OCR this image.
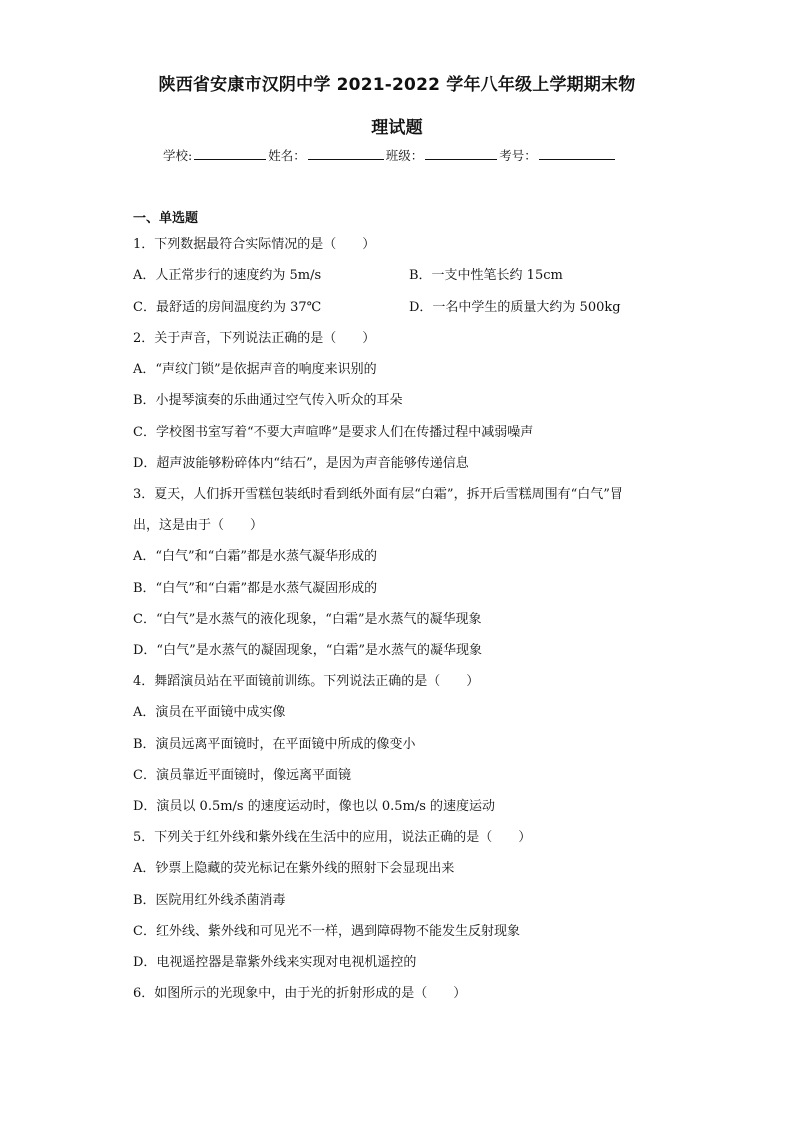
陕西省安康市汉阴中学 2021-2022 学年八年级上学期期末物
理试题
学校:	姓名：	班级：	考号：
一、单选题
1．下列数据最符合实际情况的是（　　）
A．人正常步行的速度约为 5m/s	B．一支中性笔长约 15cm
C．最舒适的房间温度约为 37℃	D．一名中学生的质量大约为 500kg
2．关于声音，下列说法正确的是（　　）
A．“声纹门锁”是依据声音的响度来识别的
B．小提琴演奏的乐曲通过空气传入听众的耳朵
C．学校图书室写着“不要大声喧哗”是要求人们在传播过程中减弱噪声
D．超声波能够粉碎体内“结石”，是因为声音能够传递信息
3．夏天，人们拆开雪糕包装纸时看到纸外面有层“白霜”，拆开后雪糕周围有“白气”冒
出，这是由于（　　）
A．“白气”和“白霜”都是水蒸气凝华形成的
B．“白气”和“白霜”都是水蒸气凝固形成的
C．“白气”是水蒸气的液化现象，“白霜”是水蒸气的凝华现象
D．“白气”是水蒸气的凝固现象，“白霜”是水蒸气的凝华现象
4．舞蹈演员站在平面镜前训练。下列说法正确的是（　　）
A．演员在平面镜中成实像
B．演员远离平面镜时，在平面镜中所成的像变小
C．演员靠近平面镜时，像远离平面镜
D．演员以 0.5m/s 的速度运动时，像也以 0.5m/s 的速度运动
5．下列关于红外线和紫外线在生活中的应用，说法正确的是（　　）
A．钞票上隐藏的荧光标记在紫外线的照射下会显现出来
B．医院用红外线杀菌消毒
C．红外线、紫外线和可见光不一样，遇到障碍物不能发生反射现象
D．电视遥控器是靠紫外线来实现对电视机遥控的
6．如图所示的光现象中，由于光的折射形成的是（　　）
